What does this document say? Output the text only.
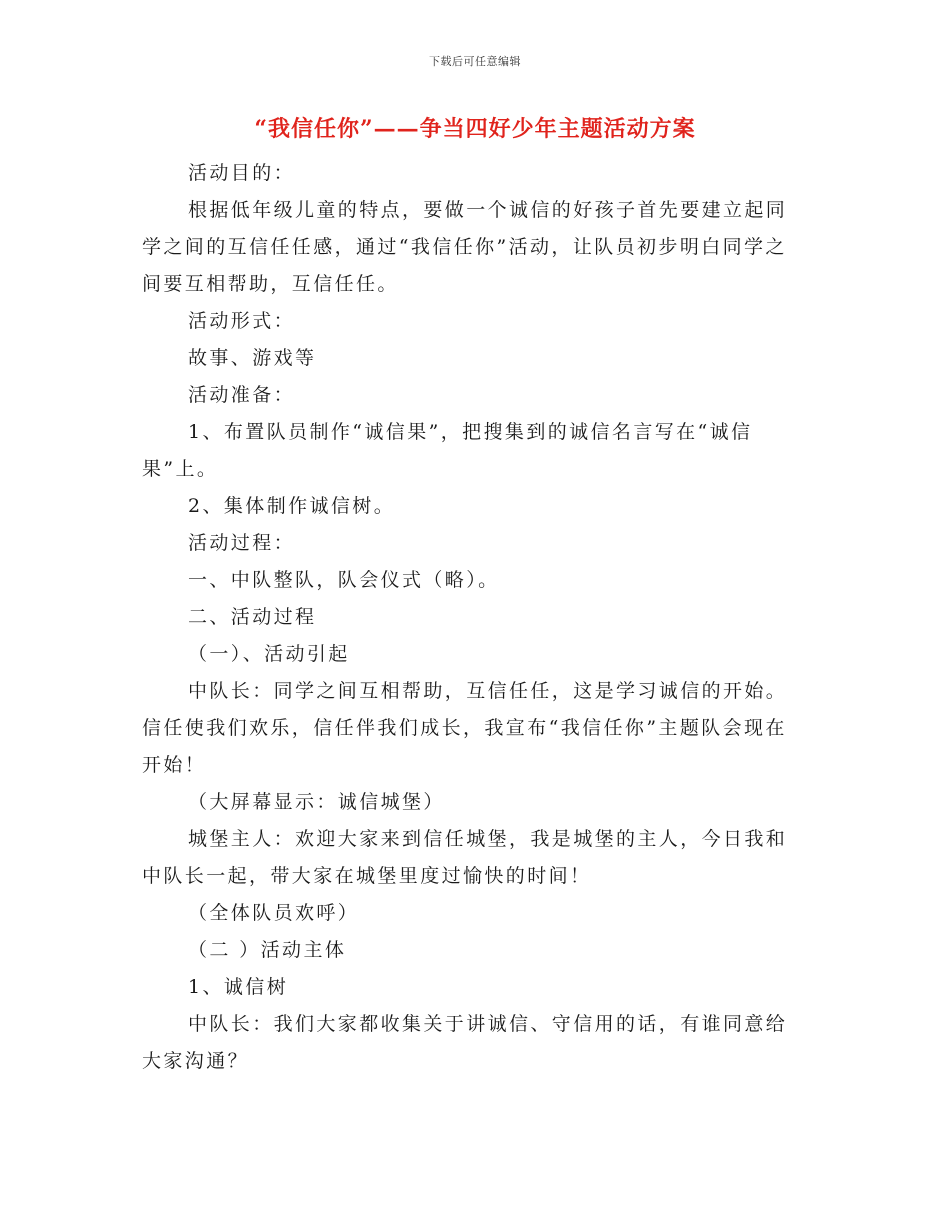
下载后可任意编辑
“我信任你”——争当四好少年主题活动方案

活动目的：

根据低年级儿童的特点，要做一个诚信的好孩子首先要建立起同学之间的互信任任感，通过“我信任你”活动，让队员初步明白同学之间要互相帮助，互信任任。

活动形式：

故事、游戏等

活动准备：

1、布置队员制作“诚信果”，把搜集到的诚信名言写在“诚信果”上。

2、集体制作诚信树。

活动过程：

一、中队整队，队会仪式（略）。

二、活动过程

（一）、活动引起

中队长：同学之间互相帮助，互信任任，这是学习诚信的开始。信任使我们欢乐，信任伴我们成长，我宣布“我信任你”主题队会现在开始！

（大屏幕显示：诚信城堡）

城堡主人：欢迎大家来到信任城堡，我是城堡的主人，今日我和中队长一起，带大家在城堡里度过愉快的时间！

（全体队员欢呼）

（二 ）活动主体

1、诚信树

中队长：我们大家都收集关于讲诚信、守信用的话，有谁同意给大家沟通？
